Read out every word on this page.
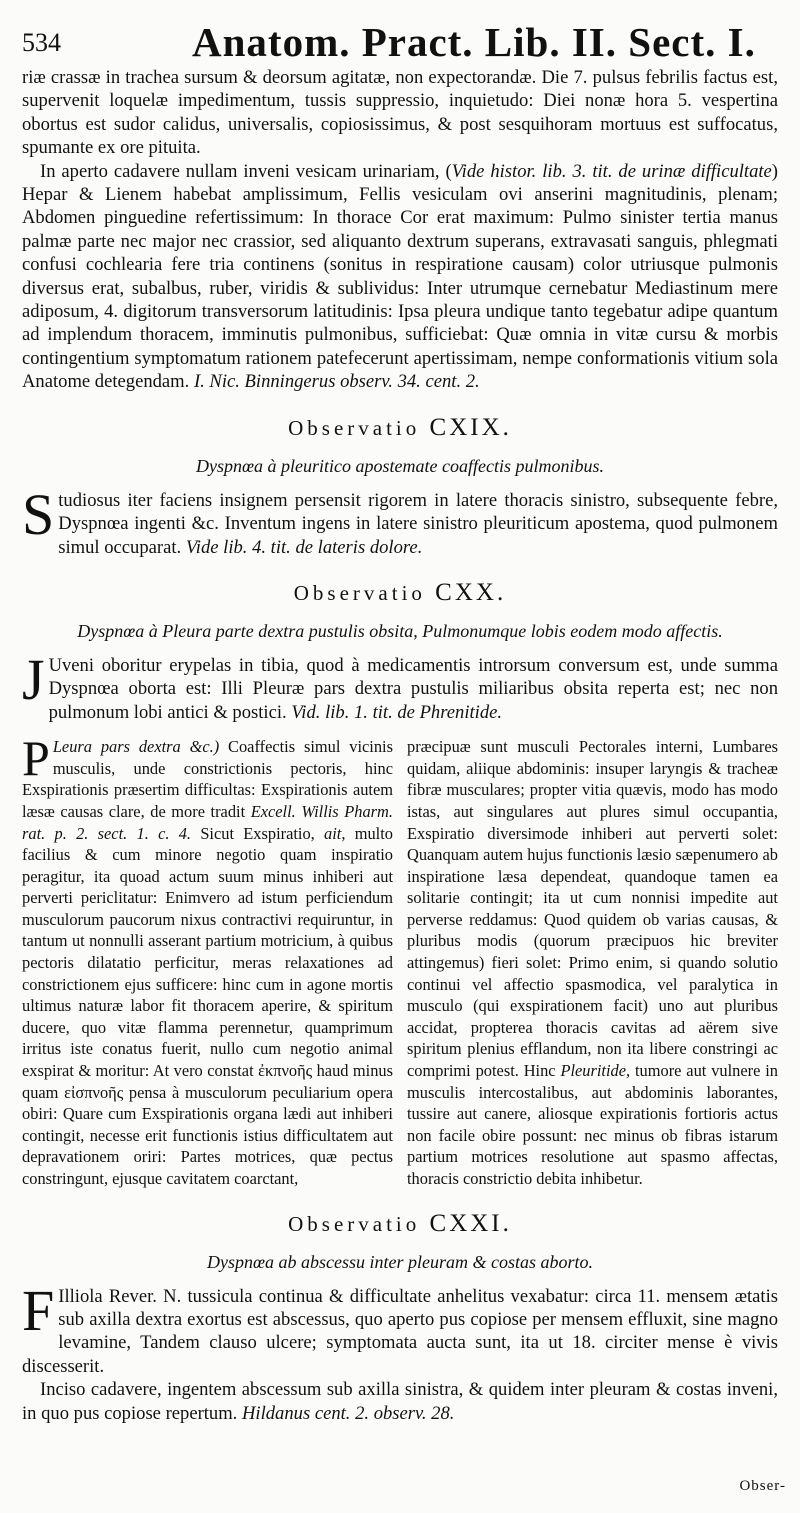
534	Anatom. Pract. Lib. II. Sect. I.

riæ crassæ in trachea sursum & deorsum agitatæ, non expectorandæ. Die 7. pulsus febrilis factus est, supervenit loquelæ impedimentum, tussis suppressio, inquietudo: Diei nonæ hora 5. vespertina obortus est sudor calidus, universalis, copiosissimus, & post sesquihoram mortuus est suffocatus, spumante ex ore pituita.

In aperto cadavere nullam inveni vesicam urinariam, (Vide histor. lib. 3. tit. de urinæ difficultate) Hepar & Lienem habebat amplissimum, Fellis vesiculam ovi anserini magnitudinis, plenam; Abdomen pinguedine refertissimum: In thorace Cor erat maximum: Pulmo sinister tertia manus palmæ parte nec major nec crassior, sed aliquanto dextrum superans, extravasati sanguis, phlegmati confusi cochlearia fere tria continens (sonitus in respiratione causam) color utriusque pulmonis diversus erat, subalbus, ruber, viridis & sublividus: Inter utrumque cernebatur Mediastinum mere adiposum, 4. digitorum transversorum latitudinis: Ipsa pleura undique tanto tegebatur adipe quantum ad implendum thoracem, imminutis pulmonibus, sufficiebat: Quæ omnia in vitæ cursu & morbis contingentium symptomatum rationem patefecerunt apertissimam, nempe conformationis vitium sola Anatome detegendam. I. Nic. Binningerus observ. 34. cent. 2.

Observatio CXIX.
Dyspnœa à pleuritico apostemate coaffectis pulmonibus.

Studiosus iter faciens insignem persensit rigorem in latere thoracis sinistro, subsequente febre, Dyspnœa ingenti &c. Inventum ingens in latere sinistro pleuriticum apostema, quod pulmonem simul occuparat. Vide lib. 4. tit. de lateris dolore.

Observatio CXX.
Dyspnœa à Pleura parte dextra pustulis obsita, Pulmonumque lobis eodem modo affectis.

J Uveni oboritur erypelas in tibia, quod à medicamentis introrsum conversum est, unde summa Dyspnœa oborta est: Illi Pleuræ pars dextra pustulis miliaribus obsita reperta est; nec non pulmonum lobi antici & postici. Vid. lib. 1. tit. de Phrenitide.

P Leura pars dextra &c.) Coaffectis simul vicinis musculis, unde constrictionis pectoris, hinc Exspirationis præsertim difficultas: Exspirationis autem læsæ causas clare, de more tradit Excell. Willis Pharm. rat. p. 2. sect. 1. c. 4. Sicut Exspiratio, ait, multo facilius & cum minore negotio quam inspiratio peragitur, ita quoad actum suum minus inhiberi aut perverti periclitatur: Enimvero ad istum perficiendum musculorum paucorum nixus contractivi requiruntur, in tantum ut nonnulli asserant partium motricium, à quibus pectoris dilatatio perficitur, meras relaxationes ad constrictionem ejus sufficere: hinc cum in agone mortis ultimus naturæ labor fit thoracem aperire, & spiritum ducere, quo vitæ flamma perennetur, quamprimum irritus iste conatus fuerit, nullo cum negotio animal exspirat & moritur: At vero constat ἐκπνοῆς haud minus quam εἰσπνοῆς pensa à musculorum peculiarium opera obiri: Quare cum Exspirationis organa lædi aut inhiberi contingit, necesse erit functionis istius difficultatem aut depravationem oriri: Partes motrices, quæ pectus constringunt, ejusque cavitatem coarctant,
præcipuæ sunt musculi Pectorales interni, Lumbares quidam, aliique abdominis: insuper laryngis & tracheæ fibræ musculares; propter vitia quævis, modo has modo istas, aut singulares aut plures simul occupantia, Exspiratio diversimode inhiberi aut perverti solet: Quanquam autem hujus functionis læsio sæpenumero ab inspiratione læsa dependeat, quandoque tamen ea solitarie contingit; ita ut cum nonnisi impedite aut perverse reddamus: Quod quidem ob varias causas, & pluribus modis (quorum præcipuos hic breviter attingemus) fieri solet: Primo enim, si quando solutio continui vel affectio spasmodica, vel paralytica in musculo (qui exspirationem facit) uno aut pluribus accidat, propterea thoracis cavitas ad aërem sive spiritum plenius efflandum, non ita libere constringi ac comprimi potest. Hinc Pleuritide, tumore aut vulnere in musculis intercostalibus, aut abdominis laborantes, tussire aut canere, aliosque expirationis fortioris actus non facile obire possunt: nec minus ob fibras istarum partium motrices resolutione aut spasmo affectas, thoracis constrictio debita inhibetur.
Observatio CXXI.
Dyspnœa ab abscessu inter pleuram & costas aborto.

F Illiola Rever. N. tussicula continua & difficultate anhelitus vexabatur: circa 11. mensem ætatis sub axilla dextra exortus est abscessus, quo aperto pus copiose per mensem effluxit, sine magno levamine, Tandem clauso ulcere; symptomata aucta sunt, ita ut 18. circiter mense è vivis discesserit.

Inciso cadavere, ingentem abscessum sub axilla sinistra, & quidem inter pleuram & costas inveni, in quo pus copiose repertum. Hildanus cent. 2. observ. 28.

Obser-
